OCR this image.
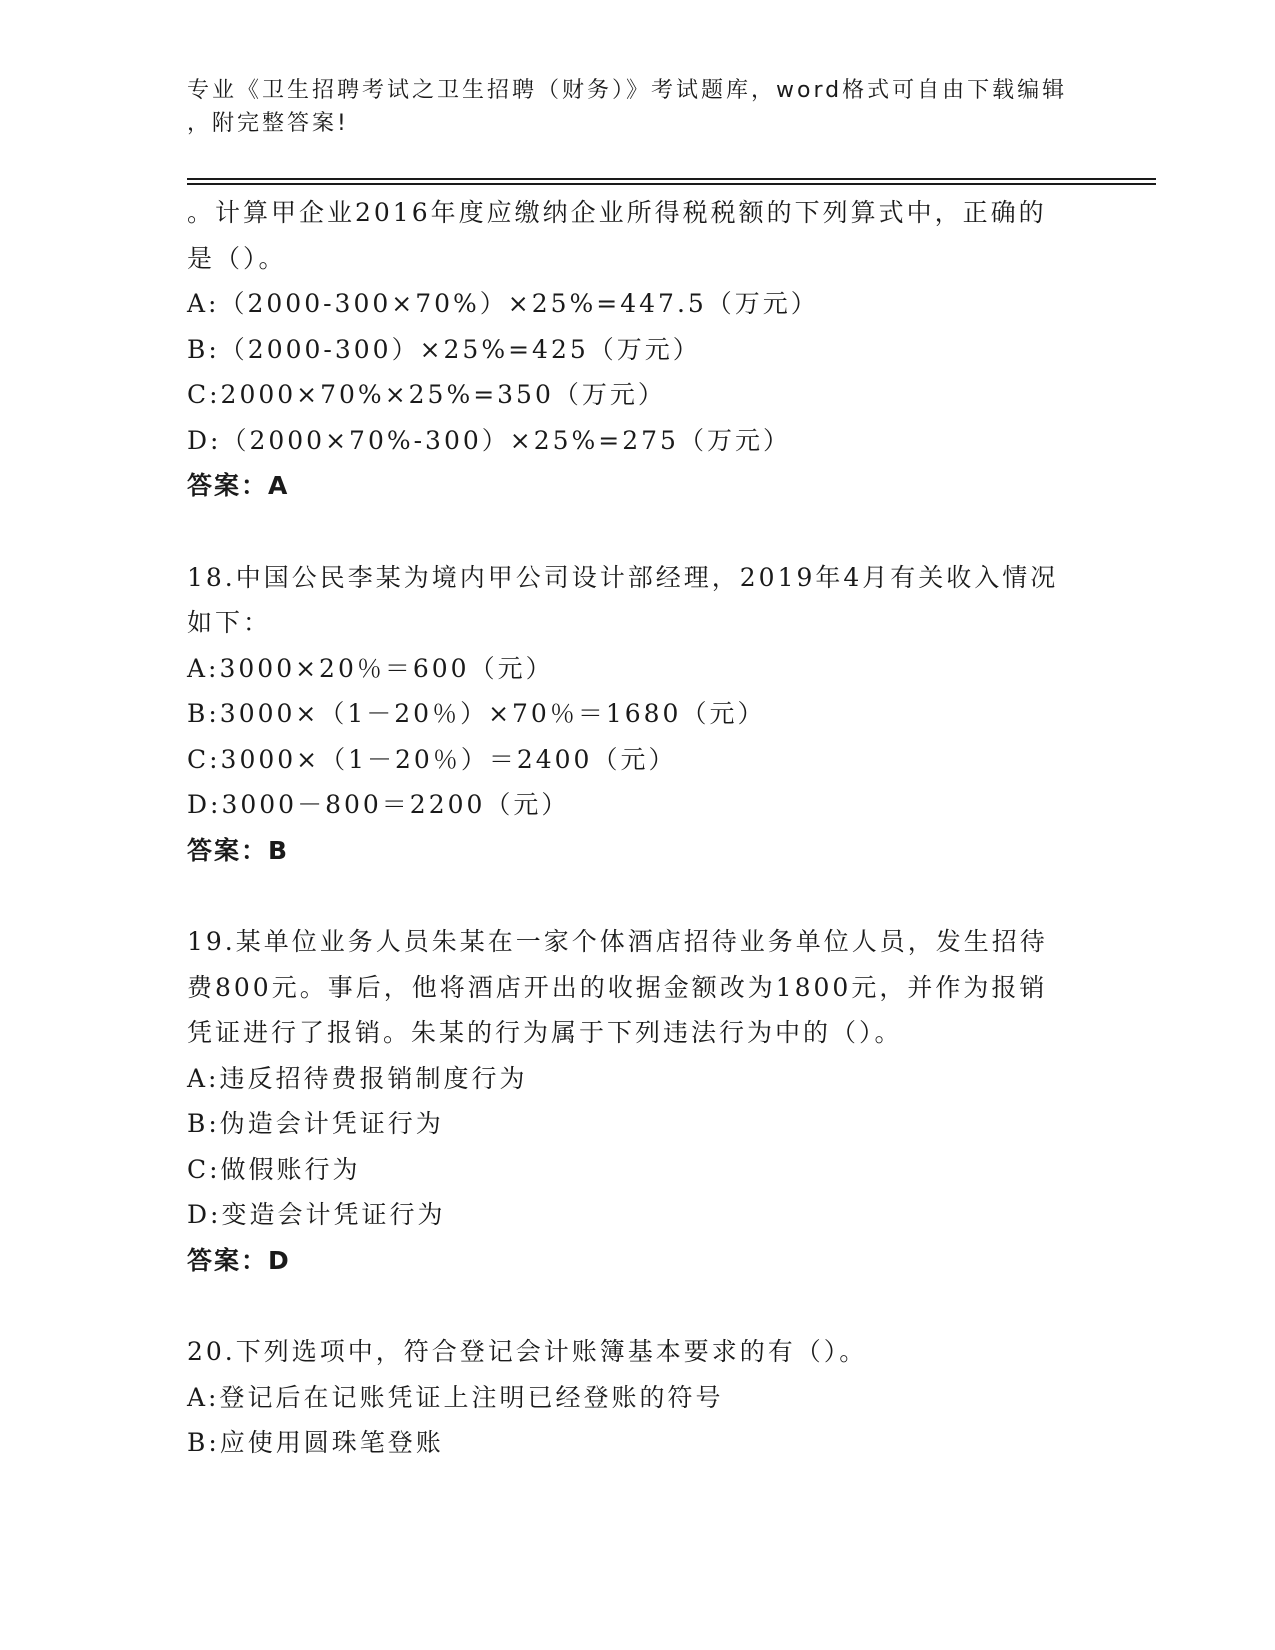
专业《卫生招聘考试之卫生招聘（财务）》考试题库，word格式可自由下载编辑
，附完整答案!
。计算甲企业2016年度应缴纳企业所得税税额的下列算式中，正确的
是（）。
A:（2000-300×70%）×25%=447.5（万元）
B:（2000-300）×25%=425（万元）
C:2000×70%×25%=350（万元）
D:（2000×70%-300）×25%=275（万元）
答案：A
18.中国公民李某为境内甲公司设计部经理，2019年4月有关收入情况
如下：
A:3000×20％＝600（元）
B:3000×（1－20％）×70％＝1680（元）
C:3000×（1－20％）＝2400（元）
D:3000－800＝2200（元）
答案：B
19.某单位业务人员朱某在一家个体酒店招待业务单位人员，发生招待
费800元。事后，他将酒店开出的收据金额改为1800元，并作为报销
凭证进行了报销。朱某的行为属于下列违法行为中的（）。
A:违反招待费报销制度行为
B:伪造会计凭证行为
C:做假账行为
D:变造会计凭证行为
答案：D
20.下列选项中，符合登记会计账簿基本要求的有（）。
A:登记后在记账凭证上注明已经登账的符号
B:应使用圆珠笔登账
